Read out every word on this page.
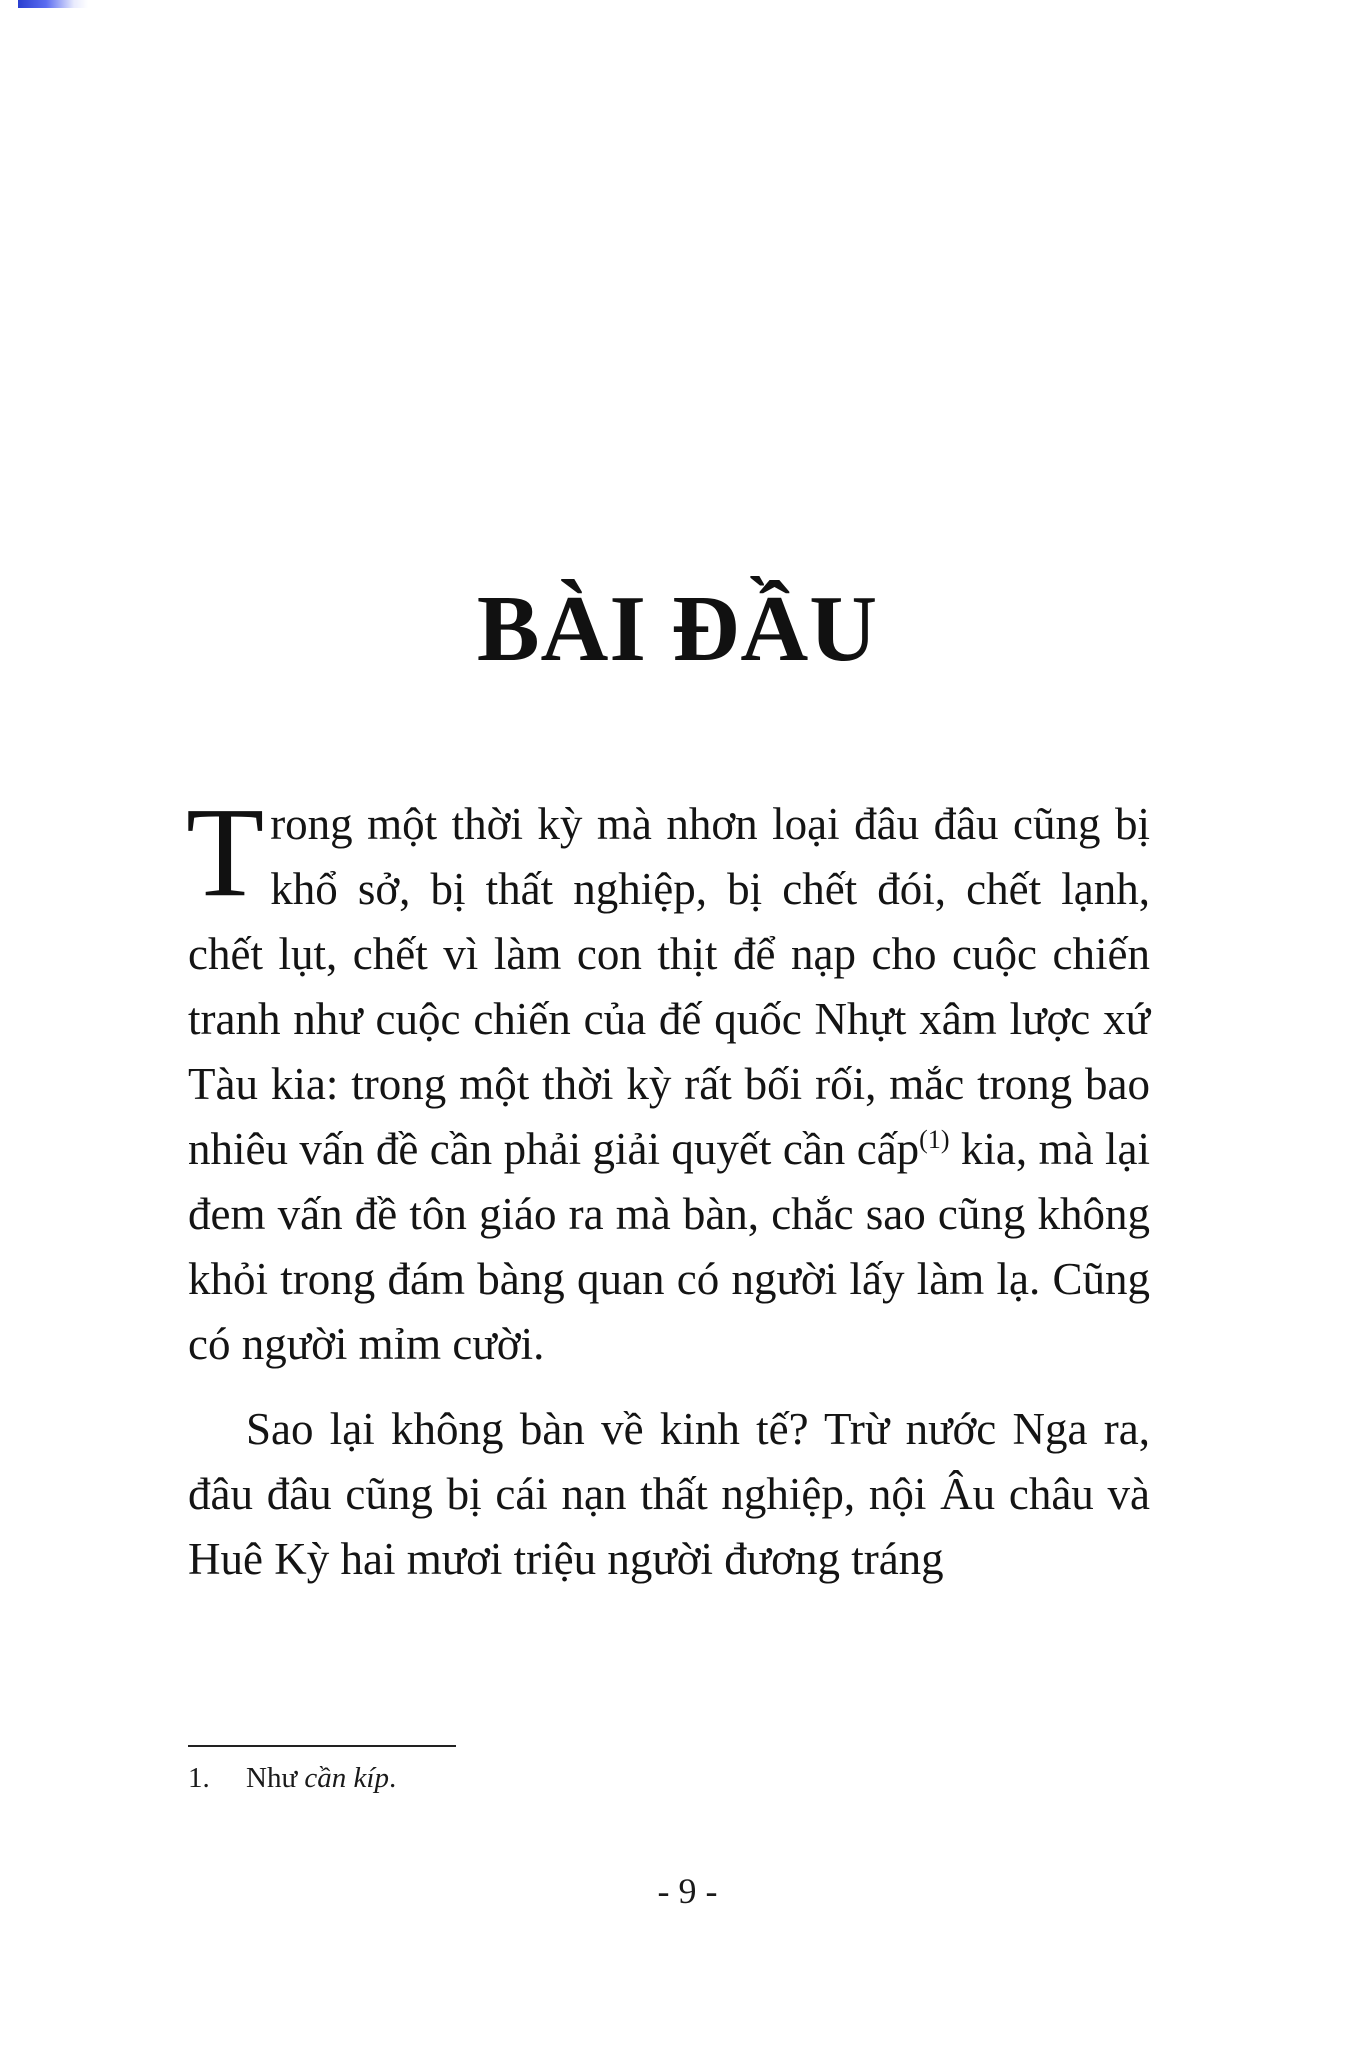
BÀI ĐẦU

Trong một thời kỳ mà nhơn loại đâu đâu cũng bị khổ sở, bị thất nghiệp, bị chết đói, chết lạnh, chết lụt, chết vì làm con thịt để nạp cho cuộc chiến tranh như cuộc chiến của đế quốc Nhựt xâm lược xứ Tàu kia: trong một thời kỳ rất bối rối, mắc trong bao nhiêu vấn đề cần phải giải quyết cần cấp$^{(1)}$ kia, mà lại đem vấn đề tôn giáo ra mà bàn, chắc sao cũng không khỏi trong đám bàng quan có người lấy làm lạ. Cũng có người mỉm cười.

Sao lại không bàn về kinh tế? Trừ nước Nga ra, đâu đâu cũng bị cái nạn thất nghiệp, nội Âu châu và Huê Kỳ hai mươi triệu người đương tráng

1. Như cần kíp.
- 9 -
